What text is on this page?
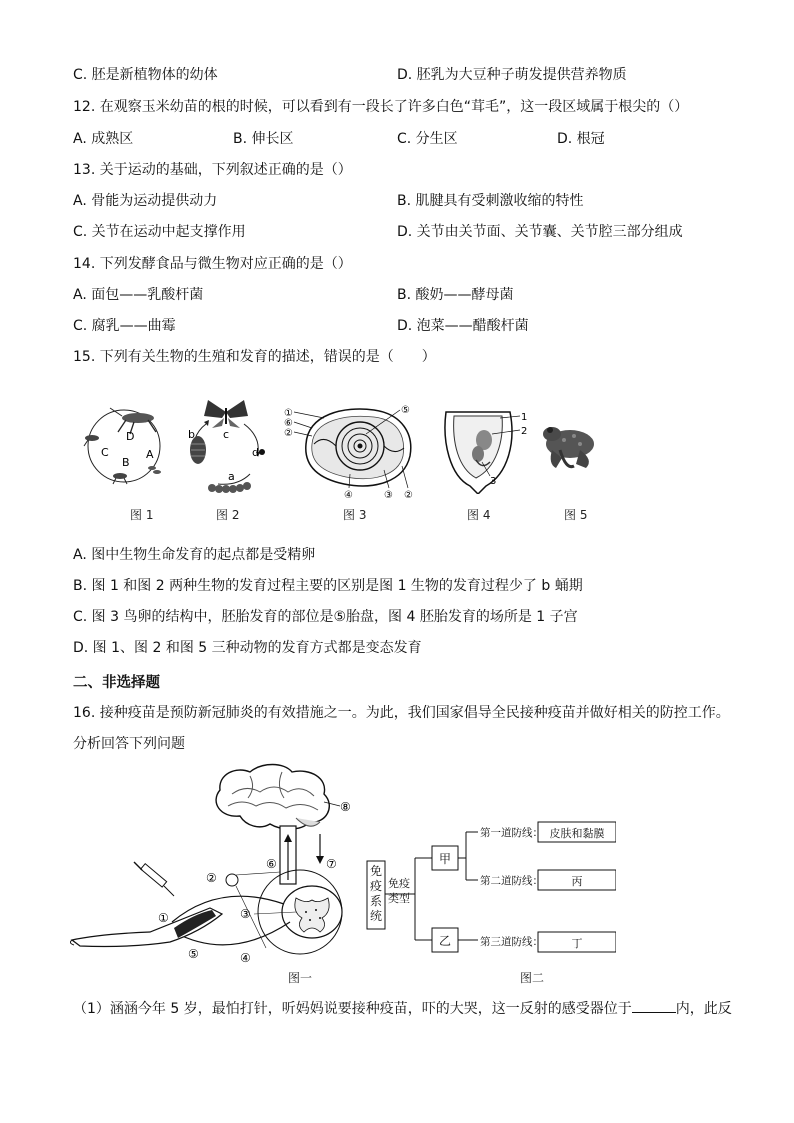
C. 胚是新植物体的幼体	D. 胚乳为大豆种子萌发提供营养物质
12. 在观察玉米幼苗的根的时候，可以看到有一段长了许多白色“茸毛”，这一段区域属于根尖的（）
A. 成熟区	B. 伸长区	C. 分生区	D. 根冠
13. 关于运动的基础，下列叙述正确的是（）
A. 骨能为运动提供动力	B. 肌腱具有受刺激收缩的特性
C. 关节在运动中起支撑作用	D. 关节由关节面、关节囊、关节腔三部分组成
14. 下列发酵食品与微生物对应正确的是（）
A. 面包——乳酸杆菌	B. 酸奶——酵母菌
C. 腐乳——曲霉	D. 泡菜——醋酸杆菌
15. 下列有关生物的生殖和发育的描述，错误的是（　　）
D
C
B
A
c
b
d
a
①
⑥
②
⑤
④	③ ②
1
2
3
图 1	图 2	图 3	图 4	图 5
A. 图中生物生命发育的起点都是受精卵
B. 图 1 和图 2 两种生物的发育过程主要的区别是图 1 生物的发育过程少了 b 蛹期
C. 图 3 鸟卵的结构中，胚胎发育的部位是⑤胎盘，图 4 胚胎发育的场所是 1 子宫
D. 图 1、图 2 和图 5 三种动物的发育方式都是变态发育
二、非选择题
16. 接种疫苗是预防新冠肺炎的有效措施之一。为此，我们国家倡导全民接种疫苗并做好相关的防控工作。
分析回答下列问题
⑧
⑥	⑦
②
③
①
⑤	④
图一
免疫系统
免疫类型
甲
乙
第一道防线：
第二道防线：
第三道防线：
皮肤和黏膜
丙
丁
图二
（1）涵涵今年 5 岁，最怕打针，听妈妈说要接种疫苗，吓的大哭，这一反射的感受器位于	内，此反
